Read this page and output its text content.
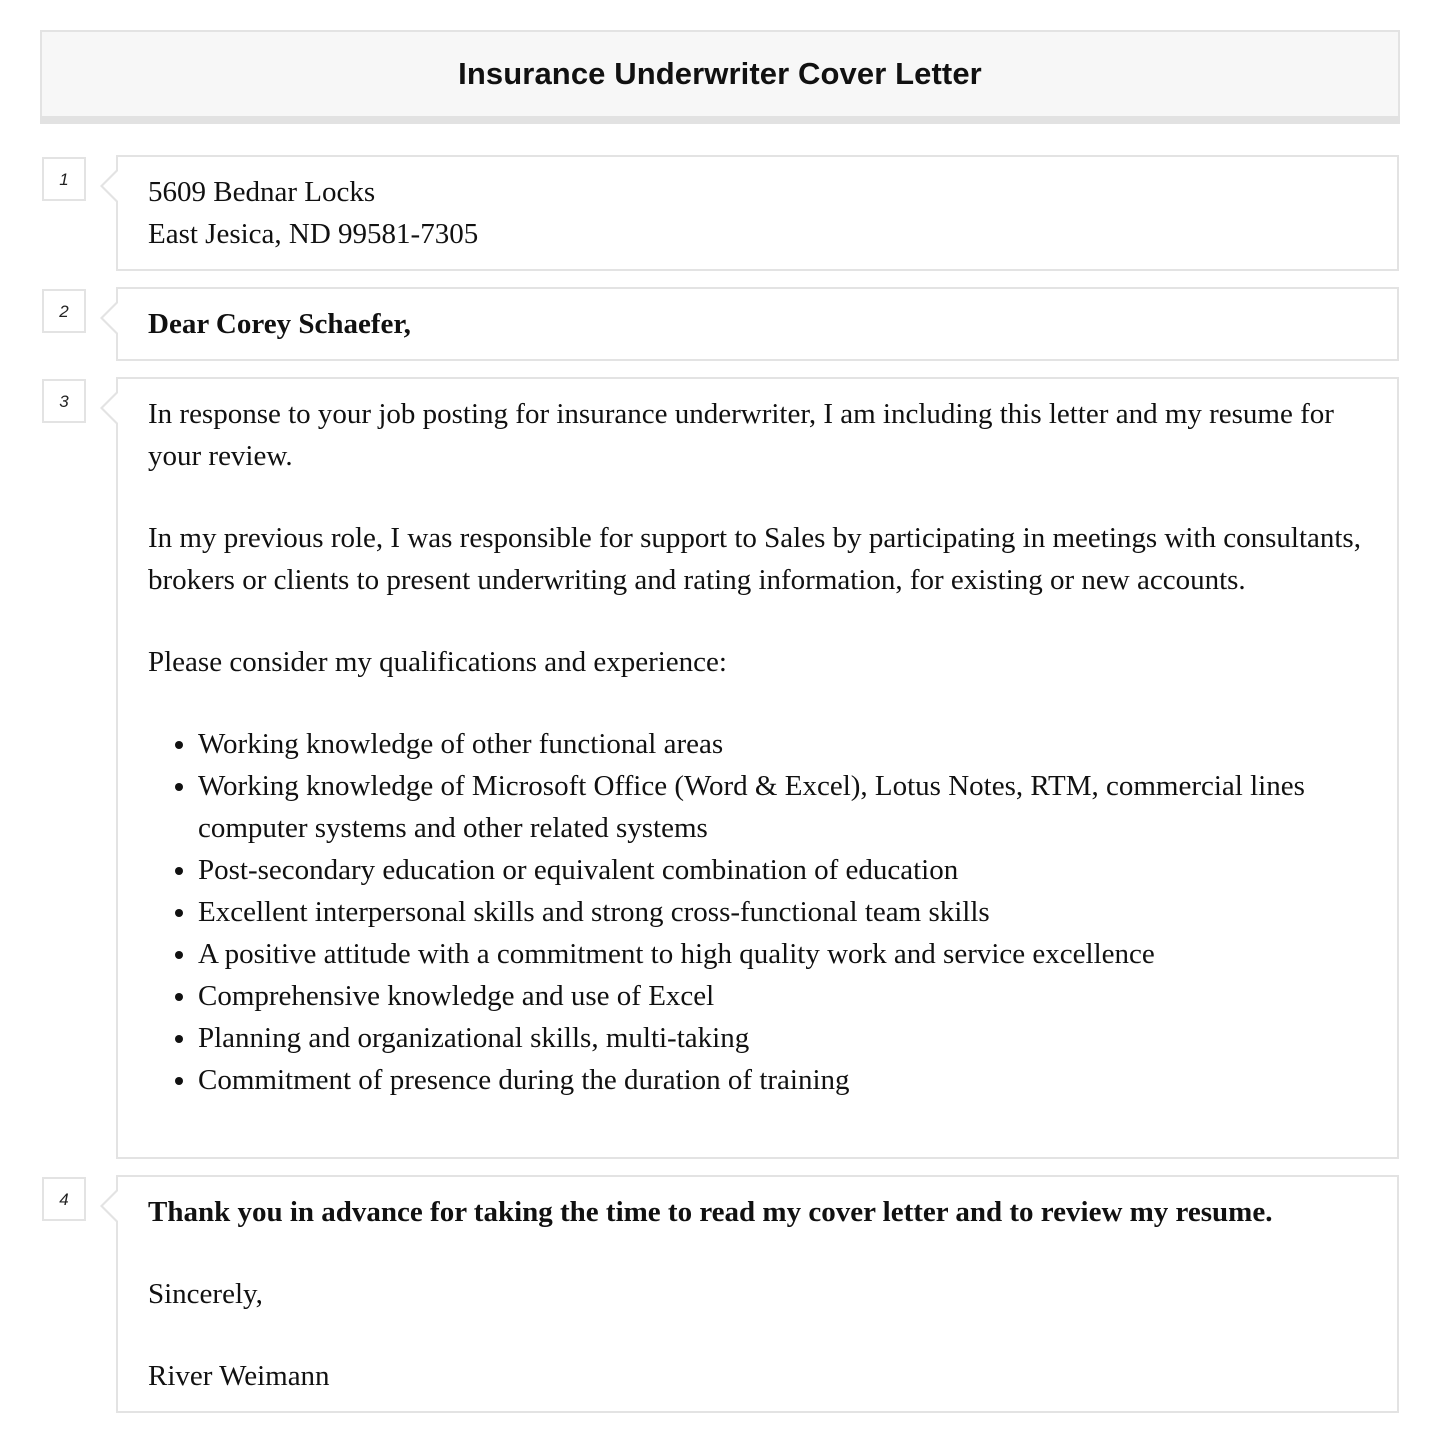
Insurance Underwriter Cover Letter
1	5609 Bednar Locks

East Jesica, ND 99581-7305

2	Dear Corey Schaefer,

3	In response to your job posting for insurance underwriter, I am including this letter and my resume for your review.

In my previous role, I was responsible for support to Sales by participating in meetings with consultants, brokers or clients to present underwriting and rating information, for existing or new accounts.

Please consider my qualifications and experience:

• Working knowledge of other functional areas
• Working knowledge of Microsoft Office (Word & Excel), Lotus Notes, RTM, commercial lines computer systems and other related systems
• Post-secondary education or equivalent combination of education
• Excellent interpersonal skills and strong cross-functional team skills
• A positive attitude with a commitment to high quality work and service excellence
• Comprehensive knowledge and use of Excel
• Planning and organizational skills, multi-taking
• Commitment of presence during the duration of training
4	Thank you in advance for taking the time to read my cover letter and to review my resume.

Sincerely,

River Weimann
